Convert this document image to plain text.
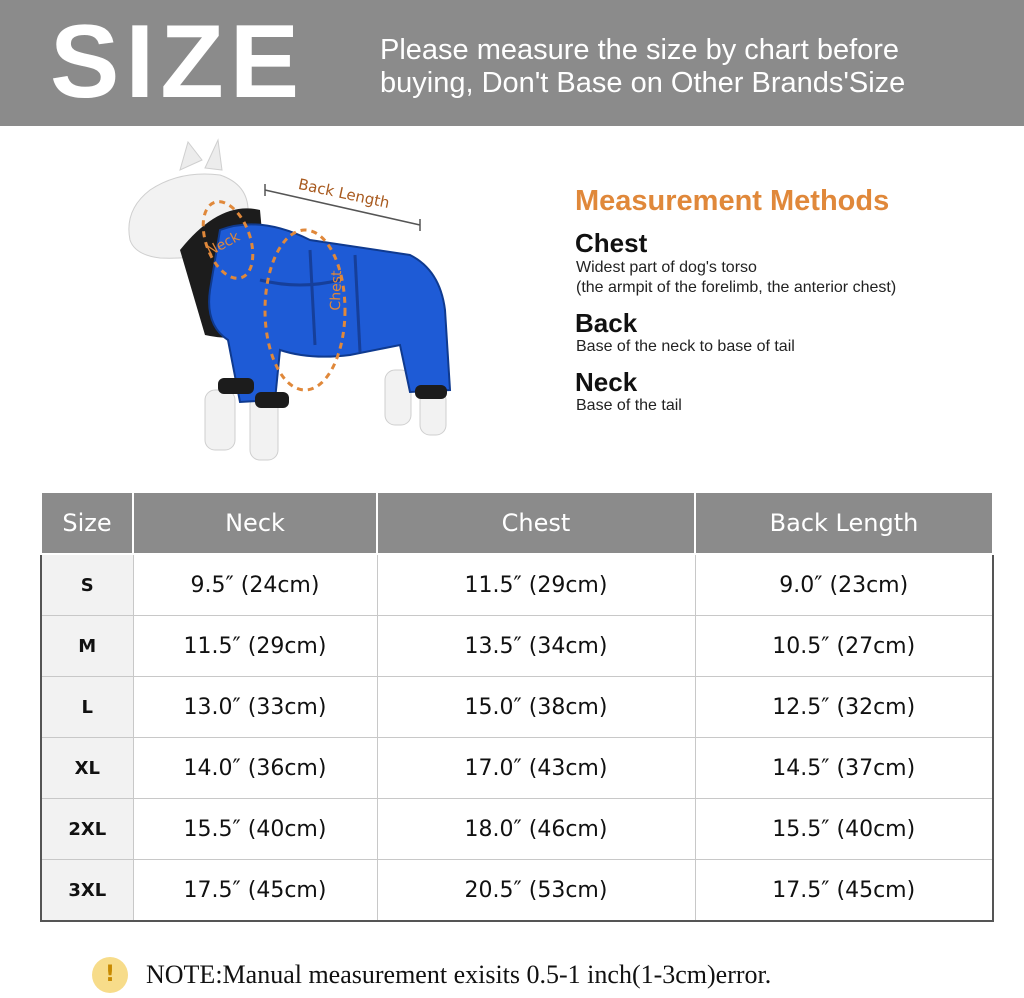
SIZE	Please measure the size by chart before
buying, Don't Base on Other Brands'Size
Back Length
Neck
Chest
Measurement Methods
Chest
Widest part of dog's torso
(the armpit of the forelimb, the anterior chest)
Back
Base of the neck to base of tail
Neck
Base of the tail
Size	Neck	Chest	Back Length
S	9.5″ (24cm)	11.5″ (29cm)	9.0″ (23cm)
M	11.5″ (29cm)	13.5″ (34cm)	10.5″ (27cm)
L	13.0″ (33cm)	15.0″ (38cm)	12.5″ (32cm)
XL	14.0″ (36cm)	17.0″ (43cm)	14.5″ (37cm)
2XL	15.5″ (40cm)	18.0″ (46cm)	15.5″ (40cm)
3XL	17.5″ (45cm)	20.5″ (53cm)	17.5″ (45cm)
!	NOTE:Manual measurement exisits 0.5-1 inch(1-3cm)error.
